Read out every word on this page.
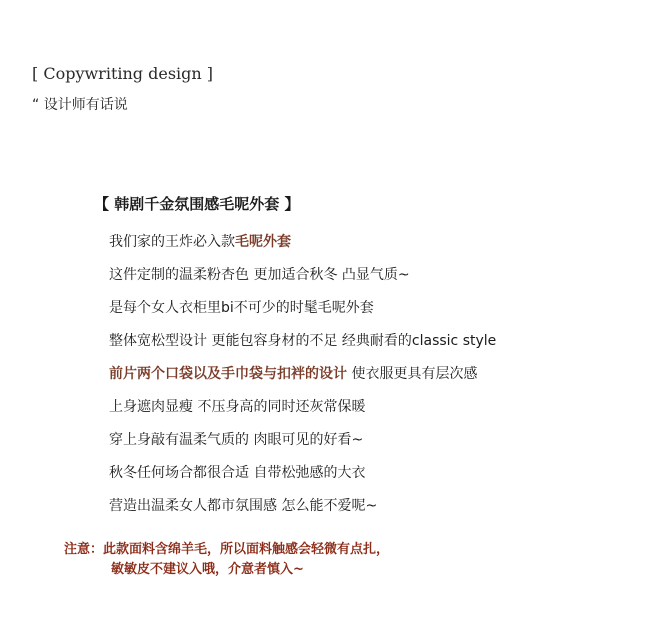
[ Copywriting design ]
“ 设计师有话说
【 韩剧千金氛围感毛呢外套 】
我们家的王炸必入款毛呢外套
这件定制的温柔粉杏色 更加适合秋冬 凸显气质~
是每个女人衣柜里bi不可少的时髦毛呢外套
整体宽松型设计 更能包容身材的不足 经典耐看的classic style
前片两个口袋以及手巾袋与扣袢的设计 使衣服更具有层次感
上身遮肉显瘦 不压身高的同时还灰常保暖
穿上身敲有温柔气质的 肉眼可见的好看~
秋冬任何场合都很合适 自带松弛感的大衣
营造出温柔女人都市氛围感 怎么能不爱呢~
注意：此款面料含绵羊毛，所以面料触感会轻微有点扎，
敏敏皮不建议入哦，介意者慎入~
